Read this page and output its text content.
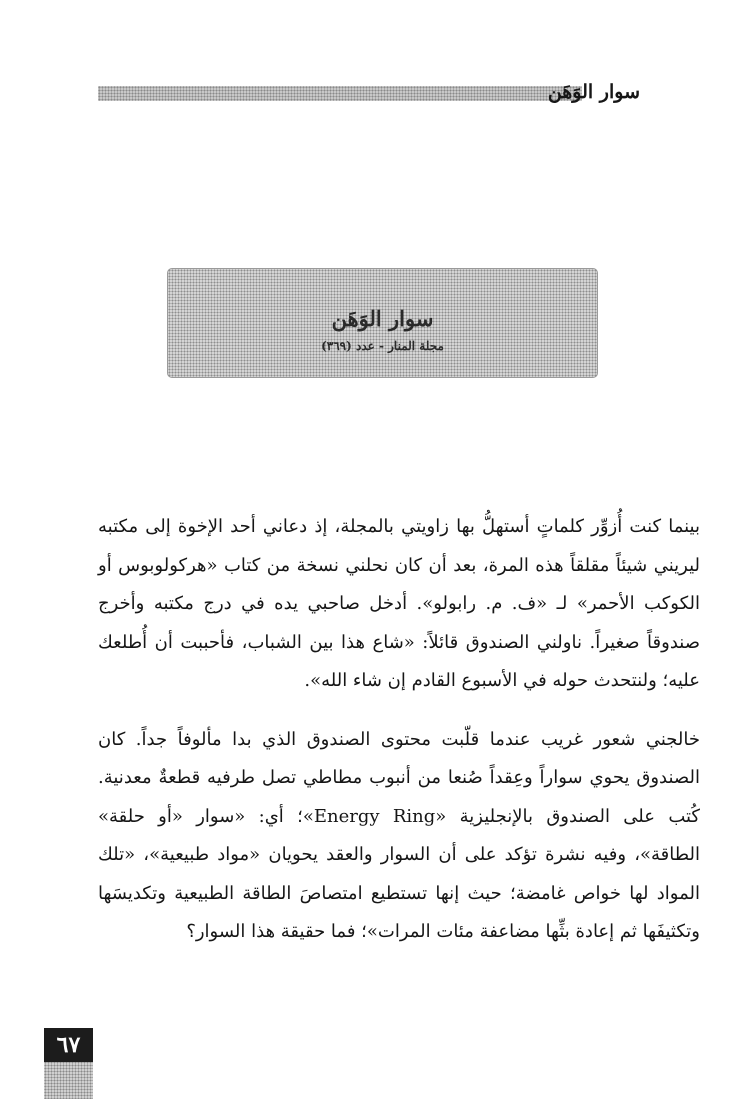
سوار الوَهَن
سوار الوَهَن
مجلة المنار - عدد (٣٦٩)

بينما كنت أُزوِّر كلماتٍ أستهلُّ بها زاويتي بالمجلة، إذ دعاني أحد الإخوة إلى مكتبه ليريني شيئاً مقلقاً هذه المرة، بعد أن كان نحلني نسخة من كتاب «هركولوبوس أو الكوكب الأحمر» لـ «ف. م. رابولو». أدخل صاحبي يده في درج مكتبه وأخرج صندوقاً صغيراً. ناولني الصندوق قائلاً: «شاع هذا بين الشباب، فأحببت أن أُطلعك عليه؛ ولنتحدث حوله في الأسبوع القادم إن شاء الله».

خالجني شعور غريب عندما قلّبت محتوى الصندوق الذي بدا مألوفاً جداً. كان الصندوق يحوي سواراً وعِقداً صُنعا من أنبوب مطاطي تصل طرفيه قطعةٌ معدنية. كُتب على الصندوق بالإنجليزية «Energy Ring»؛ أي: «سوار «أو حلقة» الطاقة»، وفيه نشرة تؤكد على أن السوار والعقد يحويان «مواد طبيعية»، «تلك المواد لها خواص غامضة؛ حيث إنها تستطيع امتصاصَ الطاقة الطبيعية وتكديسَها وتكثيفَها ثم إعادة بثِّها مضاعفة مئات المرات»؛ فما حقيقة هذا السوار؟

٦٧
